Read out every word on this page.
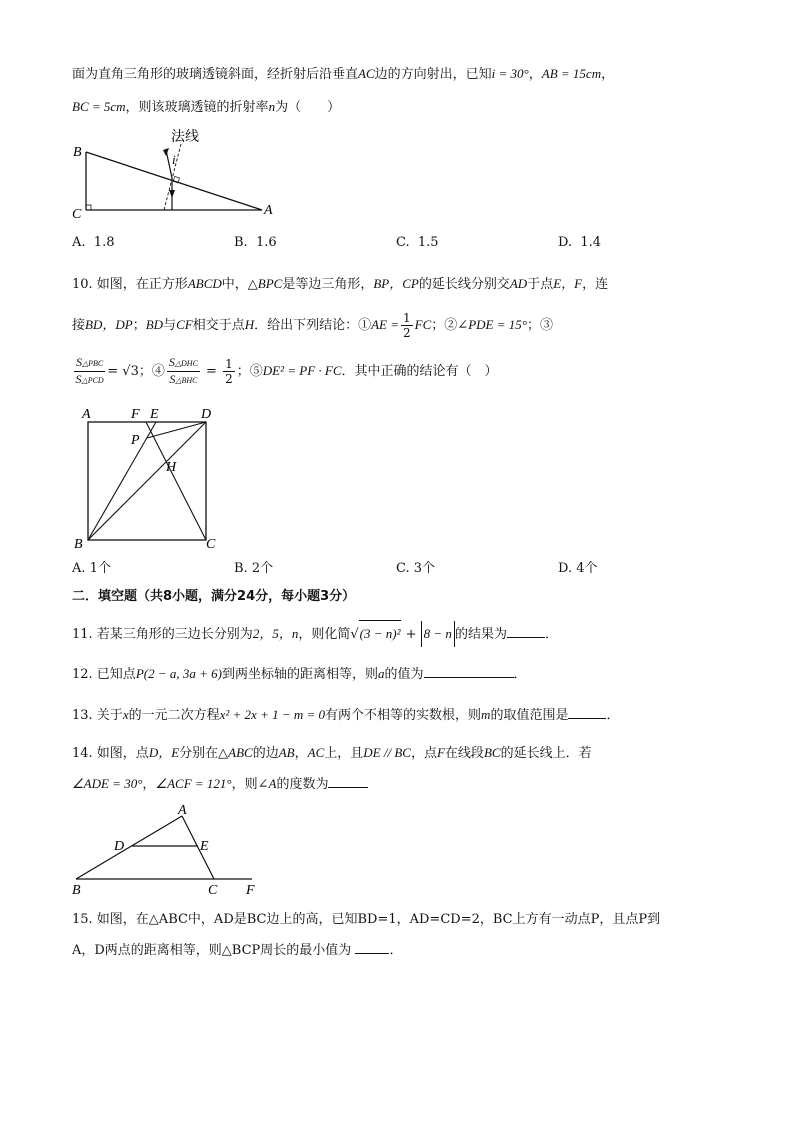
面为直角三角形的玻璃透镜斜面，经折射后沿垂直AC边的方向射出，已知i = 30°，AB = 15cm，
BC = 5cm，则该玻璃透镜的折射率n为（　　）
法线
i
B
C	A
A. 1.8	B. 1.6	C. 1.5	D. 1.4
10. 如图，在正方形ABCD中，△BPC是等边三角形，BP，CP的延长线分别交AD于点E，F，连
接BD，DP；BD与CF相交于点H．给出下列结论：①AE = $\frac{1}{2}$ FC；②∠PDE = 15°；③
$\frac{\text{S△PBC}}{\text{S△PCD}} = √3$；④ $\frac{\text{S△DHC}}{\text{S△BHC}} = \frac{1}{2}$ ；⑤DE² = PF · FC．其中正确的结论有（　）
A	F E	D
P
H
B	C
A. 1个	B. 2个	C. 3个	D. 4个
二．填空题（共8小题，满分24分，每小题3分）
11. 若某三角形的三边长分别为2，5，n，则化简√(3 − n)² + 8 − n 的结果为	．
12. 已知点P(2 − a, 3a + 6)到两坐标轴的距离相等，则a的值为	．
13. 关于x的一元二次方程x² + 2x + 1 − m = 0有两个不相等的实数根，则m的取值范围是	．
14. 如图，点D，E分别在△ABC的边AB，AC上，且DE // BC，点F在线段BC的延长线上．若
∠ADE = 30°，∠ACF = 121°，则∠A的度数为
A
D	E
B	C F
15. 如图，在△ABC中，AD是BC边上的高，已知BD=1，AD=CD=2，BC上方有一动点P，且点P到
A，D两点的距离相等，则△BCP周长的最小值为	．
